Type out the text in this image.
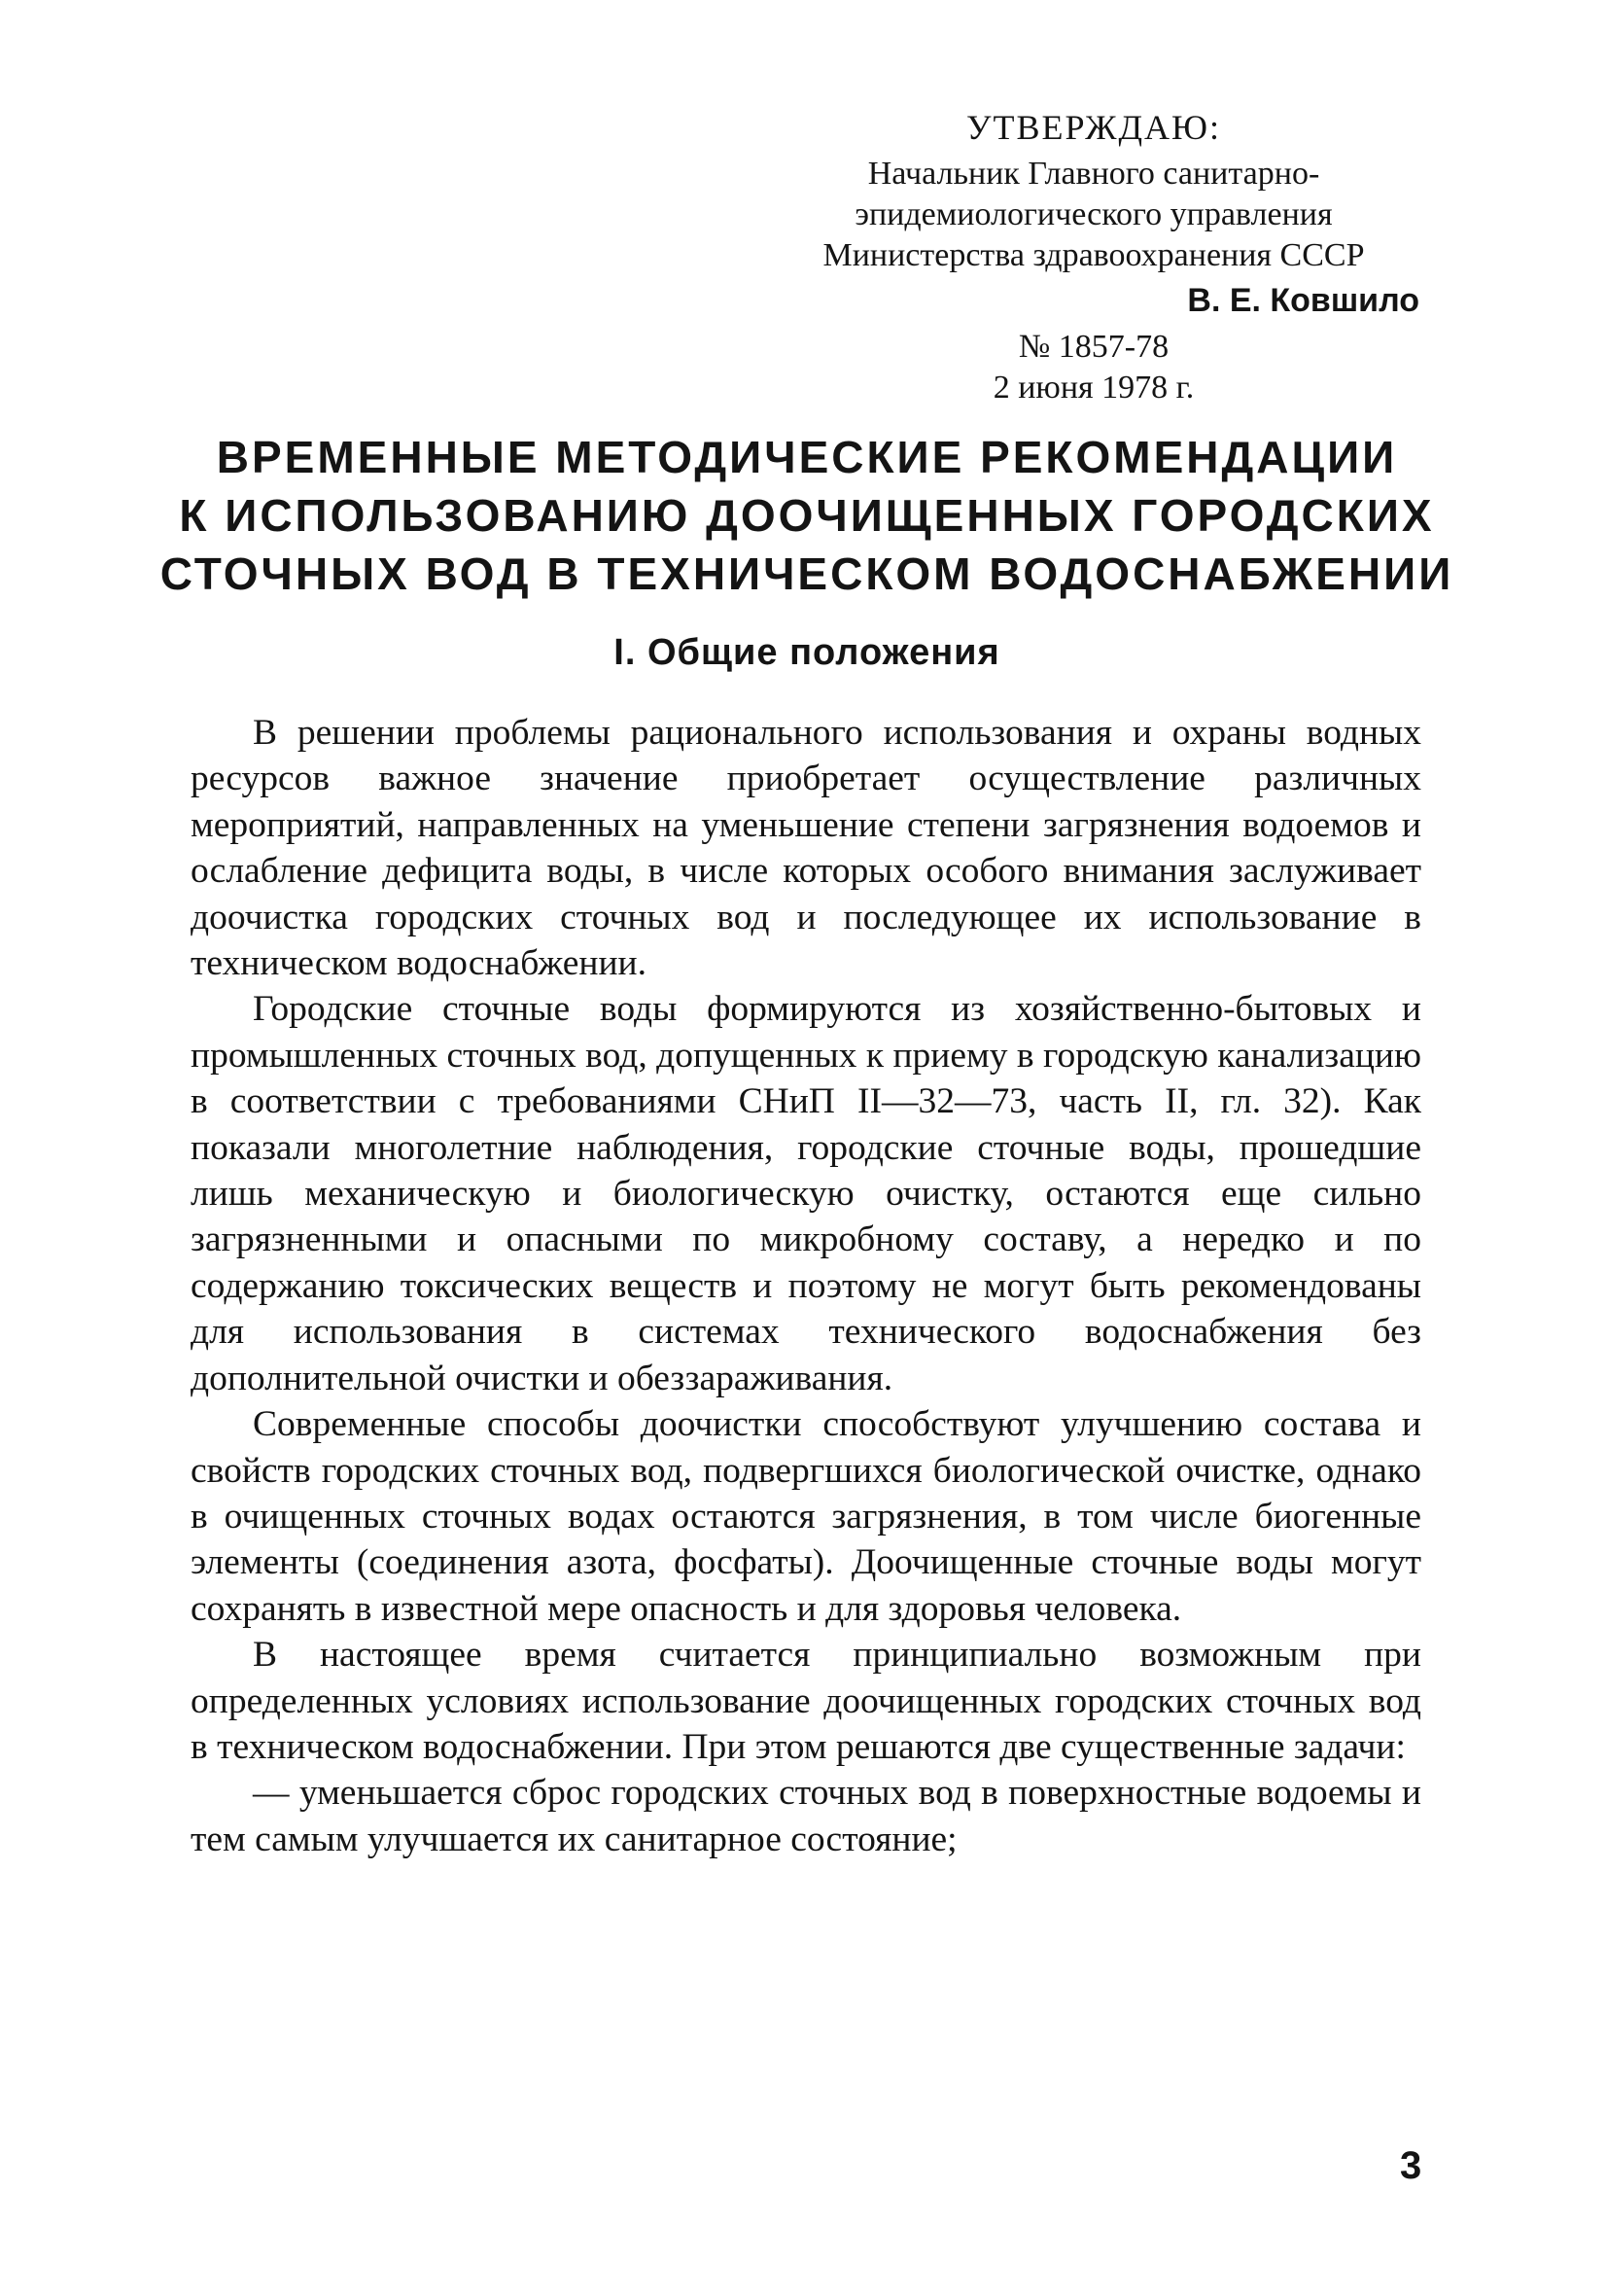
УТВЕРЖДАЮ:
Начальник Главного санитарно-
эпидемиологического управления
Министерства здравоохранения СССР
В. Е. Ковшило
№ 1857-78
2 июня 1978 г.
ВРЕМЕННЫЕ МЕТОДИЧЕСКИЕ РЕКОМЕНДАЦИИ
К ИСПОЛЬЗОВАНИЮ ДООЧИЩЕННЫХ ГОРОДСКИХ
СТОЧНЫХ ВОД В ТЕХНИЧЕСКОМ ВОДОСНАБЖЕНИИ
I. Общие положения

В решении проблемы рационального использования и охраны водных ресурсов важное значение приобретает осуществление различных мероприятий, направленных на уменьшение степени загрязнения водоемов и ослабление дефицита воды, в числе которых особого внимания заслуживает доочистка городских сточных вод и последующее их использование в техническом водоснабжении.

Городские сточные воды формируются из хозяйственно-бытовых и промышленных сточных вод, допущенных к приему в городскую канализацию в соответствии с требованиями СНиП II—32—73, часть II, гл. 32). Как показали многолетние наблюдения, городские сточные воды, прошедшие лишь механическую и биологическую очистку, остаются еще сильно загрязненными и опасными по микробному составу, а нередко и по содержанию токсических веществ и поэтому не могут быть рекомендованы для использования в системах технического водоснабжения без дополнительной очистки и обеззараживания.

Современные способы доочистки способствуют улучшению состава и свойств городских сточных вод, подвергшихся биологической очистке, однако в очищенных сточных водах остаются загрязнения, в том числе биогенные элементы (соединения азота, фосфаты). Доочищенные сточные воды могут сохранять в известной мере опасность и для здоровья человека.

В настоящее время считается принципиально возможным при определенных условиях использование доочищенных городских сточных вод в техническом водоснабжении. При этом решаются две существенные задачи:

— уменьшается сброс городских сточных вод в поверхностные водоемы и тем самым улучшается их санитарное состояние;

3
